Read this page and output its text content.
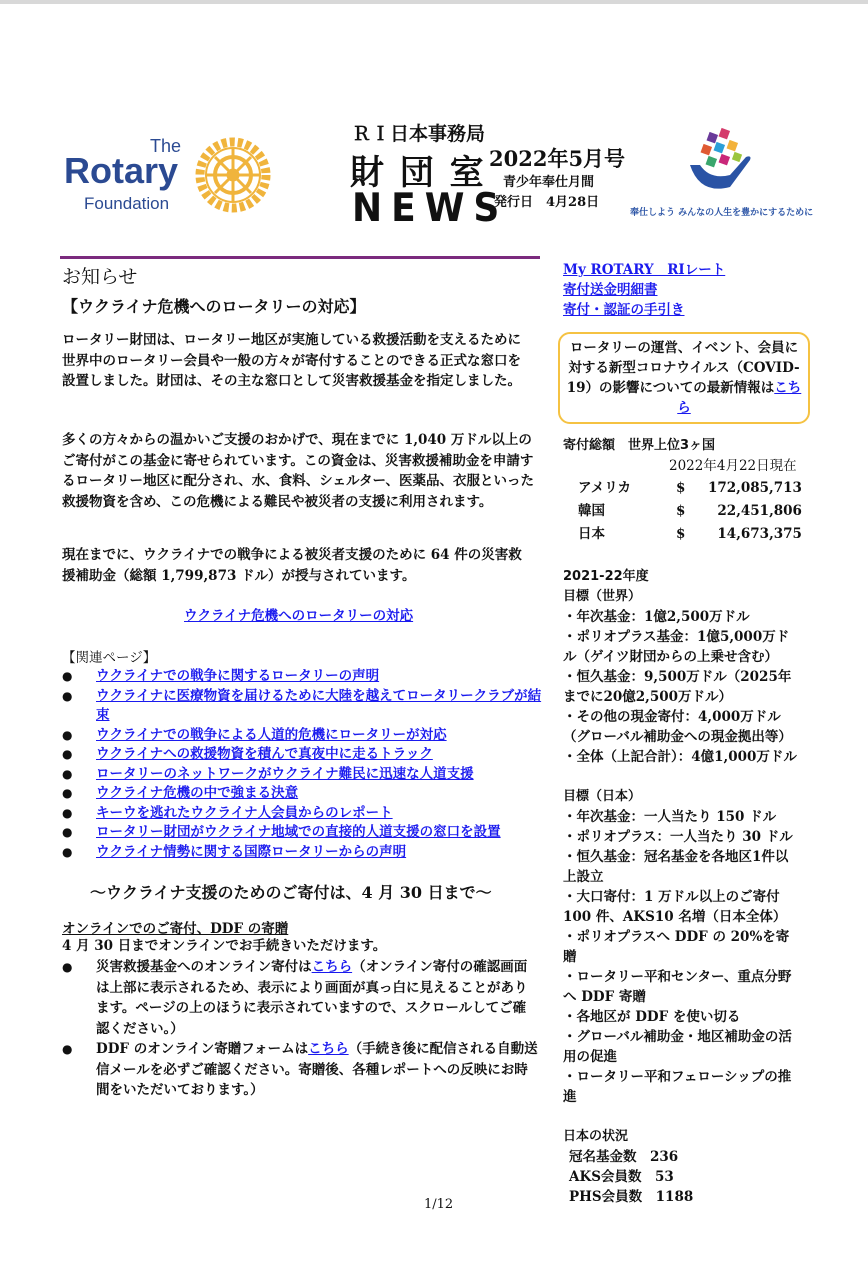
The
Rotary
Foundation
ＲＩ日本事務局
財 団 室
NEWS
2022年5月号
青少年奉仕月間
発行日　4月28日
奉仕しよう みんなの人生を豊かにするために
お知らせ
【ウクライナ危機へのロータリーの対応】

ロータリー財団は、ロータリー地区が実施している救援活動を支えるために世界中のロータリー会員や一般の方々が寄付することのできる正式な窓口を設置しました。財団は、その主な窓口として災害救援基金を指定しました。

多くの方々からの温かいご支援のおかげで、現在までに 1,040 万ドル以上のご寄付がこの基金に寄せられています。この資金は、災害救援補助金を申請するロータリー地区に配分され、水、食料、シェルター、医薬品、衣服といった救援物資を含め、この危機による難民や被災者の支援に利用されます。

現在までに、ウクライナでの戦争による被災者支援のために 64 件の災害救援補助金（総額 1,799,873 ドル）が授与されています。

ウクライナ危機へのロータリーの対応
【関連ページ】
● ウクライナでの戦争に関するロータリーの声明
● ウクライナに医療物資を届けるために大陸を越えてロータリークラブが結束
● ウクライナでの戦争による人道的危機にロータリーが対応
● ウクライナへの救援物資を積んで真夜中に走るトラック
● ロータリーのネットワークがウクライナ難民に迅速な人道支援
● ウクライナ危機の中で強まる決意
● キーウを逃れたウクライナ人会員からのレポート
● ロータリー財団がウクライナ地域での直接的人道支援の窓口を設置
● ウクライナ情勢に関する国際ロータリーからの声明
～ウクライナ支援のためのご寄付は、4 月 30 日まで～
オンラインでのご寄付、DDF の寄贈
4 月 30 日までオンラインでお手続きいただけます。
● 災害救援基金へのオンライン寄付はこちら（オンライン寄付の確認画面は上部に表示されるため、表示により画面が真っ白に見えることがあります。ページの上のほうに表示されていますので、スクロールしてご確認ください。）
● DDF のオンライン寄贈フォームはこちら（手続き後に配信される自動送信メールを必ずご確認ください。寄贈後、各種レポートへの反映にお時間をいただいております。）
My ROTARY　RIレート
寄付送金明細書
寄付・認証の手引き
ロータリーの運営、イベント、会員に対する新型コロナウイルス（COVID-19）の影響についての最新情報はこちら
寄付総額　世界上位3ヶ国
2022年4月22日現在
アメリカ	$	172,085,713
韓国	$	22,451,806
日本	$	14,673,375
2021-22年度
目標（世界）
・年次基金：1億2,500万ドル
・ポリオプラス基金：1億5,000万ドル（ゲイツ財団からの上乗せ含む）
・恒久基金：9,500万ドル（2025年までに20億2,500万ドル）
・その他の現金寄付：4,000万ドル（グローバル補助金への現金拠出等）
・全体（上記合計）：4億1,000万ドル
目標（日本）
・年次基金：一人当たり 150 ドル
・ポリオプラス：一人当たり 30 ドル
・恒久基金：冠名基金を各地区1件以上設立
・大口寄付：1 万ドル以上のご寄付 100 件、AKS10 名増（日本全体）
・ポリオプラスへ DDF の 20%を寄贈
・ロータリー平和センター、重点分野へ DDF 寄贈
・各地区が DDF を使い切る
・グローバル補助金・地区補助金の活用の促進
・ロータリー平和フェローシップの推進
日本の状況
冠名基金数　 236
AKS会員数　 53
PHS会員数　 1188
1/12
